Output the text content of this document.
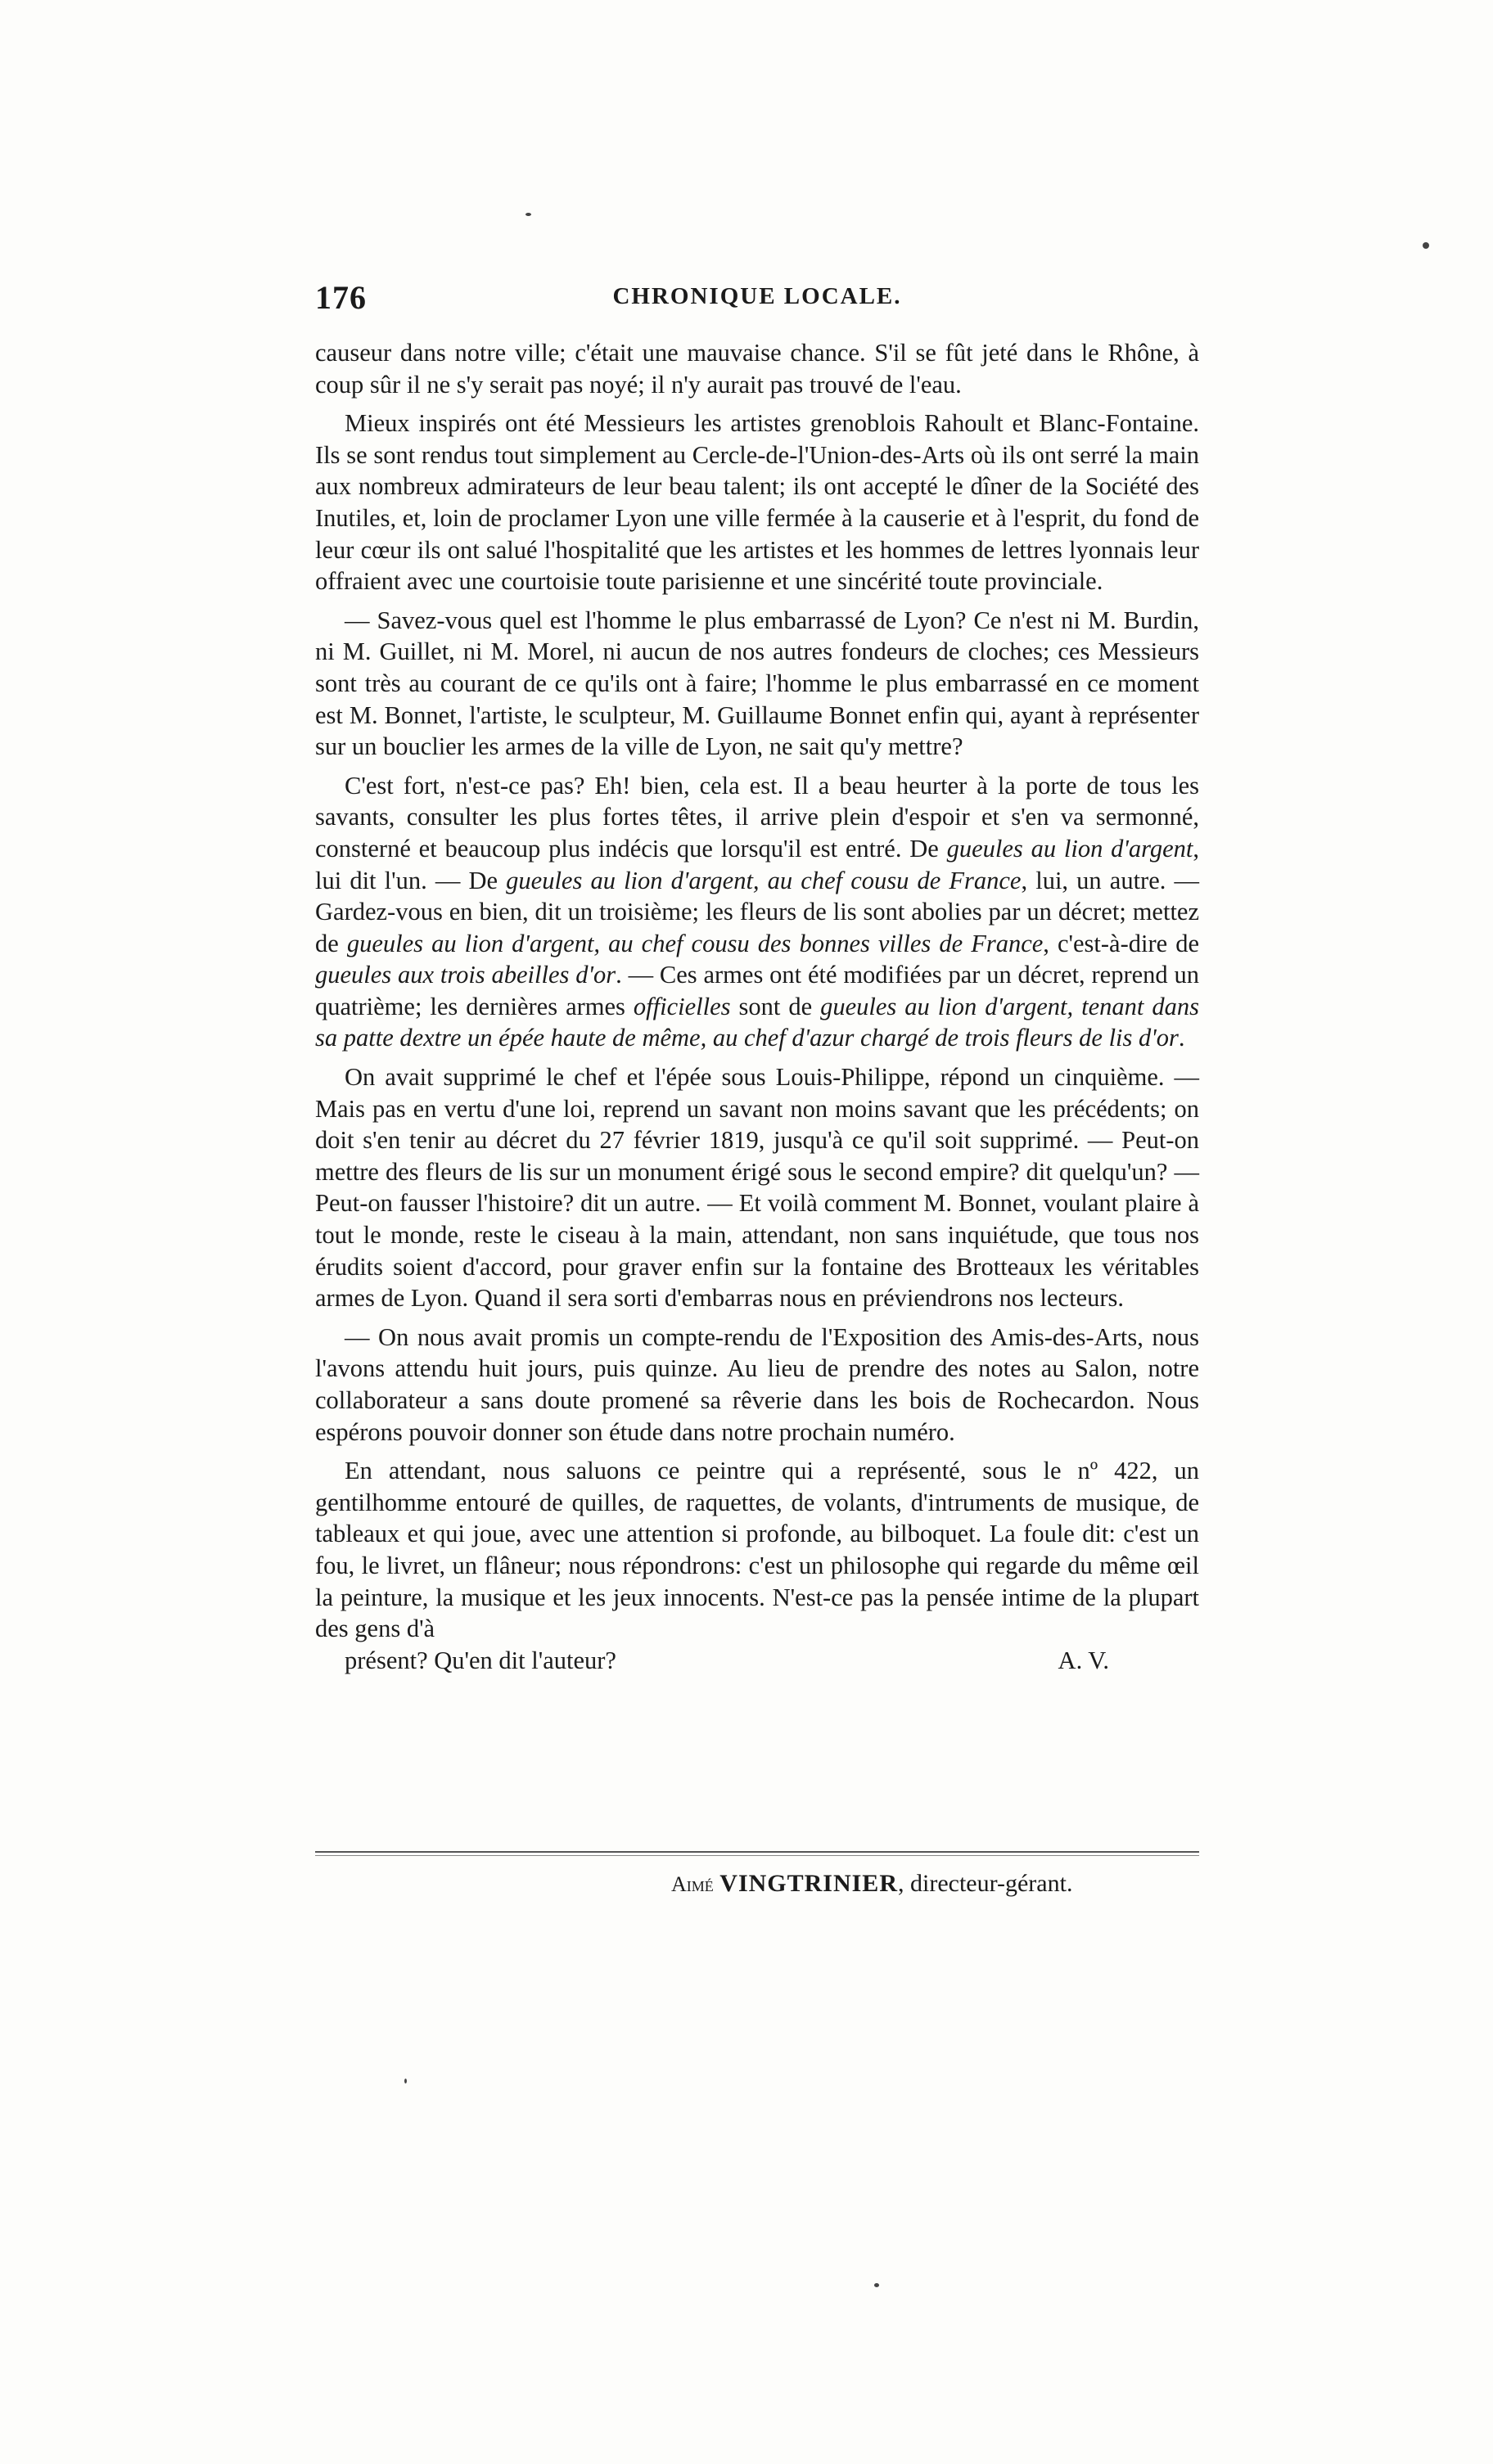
176	CHRONIQUE LOCALE.

causeur dans notre ville; c'était une mauvaise chance. S'il se fût jeté dans le Rhône, à coup sûr il ne s'y serait pas noyé; il n'y aurait pas trouvé de l'eau.

Mieux inspirés ont été Messieurs les artistes grenoblois Rahoult et Blanc-Fontaine. Ils se sont rendus tout simplement au Cercle-de-l'Union-des-Arts où ils ont serré la main aux nombreux admirateurs de leur beau talent; ils ont accepté le dîner de la Société des Inutiles, et, loin de proclamer Lyon une ville fermée à la causerie et à l'esprit, du fond de leur cœur ils ont salué l'hospitalité que les artistes et les hommes de lettres lyonnais leur offraient avec une courtoisie toute parisienne et une sincérité toute provinciale.

— Savez-vous quel est l'homme le plus embarrassé de Lyon? Ce n'est ni M. Burdin, ni M. Guillet, ni M. Morel, ni aucun de nos autres fondeurs de cloches; ces Messieurs sont très au courant de ce qu'ils ont à faire; l'homme le plus embarrassé en ce moment est M. Bonnet, l'artiste, le sculpteur, M. Guillaume Bonnet enfin qui, ayant à représenter sur un bouclier les armes de la ville de Lyon, ne sait qu'y mettre?

C'est fort, n'est-ce pas? Eh! bien, cela est. Il a beau heurter à la porte de tous les savants, consulter les plus fortes têtes, il arrive plein d'espoir et s'en va sermonné, consterné et beaucoup plus indécis que lorsqu'il est entré. De gueules au lion d'argent, lui dit l'un. — De gueules au lion d'argent, au chef cousu de France, lui, un autre. — Gardez-vous en bien, dit un troisième; les fleurs de lis sont abolies par un décret; mettez de gueules au lion d'argent, au chef cousu des bonnes villes de France, c'est-à-dire de gueules aux trois abeilles d'or. — Ces armes ont été modifiées par un décret, reprend un quatrième; les dernières armes officielles sont de gueules au lion d'argent, tenant dans sa patte dextre un épée haute de même, au chef d'azur chargé de trois fleurs de lis d'or.

On avait supprimé le chef et l'épée sous Louis-Philippe, répond un cinquième. — Mais pas en vertu d'une loi, reprend un savant non moins savant que les précédents; on doit s'en tenir au décret du 27 février 1819, jusqu'à ce qu'il soit supprimé. — Peut-on mettre des fleurs de lis sur un monument érigé sous le second empire? dit quelqu'un? — Peut-on fausser l'histoire? dit un autre. — Et voilà comment M. Bonnet, voulant plaire à tout le monde, reste le ciseau à la main, attendant, non sans inquiétude, que tous nos érudits soient d'accord, pour graver enfin sur la fontaine des Brotteaux les véritables armes de Lyon. Quand il sera sorti d'embarras nous en préviendrons nos lecteurs.

— On nous avait promis un compte-rendu de l'Exposition des Amis-des-Arts, nous l'avons attendu huit jours, puis quinze. Au lieu de prendre des notes au Salon, notre collaborateur a sans doute promené sa rêverie dans les bois de Rochecardon. Nous espérons pouvoir donner son étude dans notre prochain numéro.

En attendant, nous saluons ce peintre qui a représenté, sous le nº 422, un gentilhomme entouré de quilles, de raquettes, de volants, d'intruments de musique, de tableaux et qui joue, avec une attention si profonde, au bilboquet. La foule dit: c'est un fou, le livret, un flâneur; nous répondrons: c'est un philosophe qui regarde du même œil la peinture, la musique et les jeux innocents. N'est-ce pas la pensée intime de la plupart des gens d'à
présent? Qu'en dit l'auteur?	A. V.

Aimé VINGTRINIER, directeur-gérant.
